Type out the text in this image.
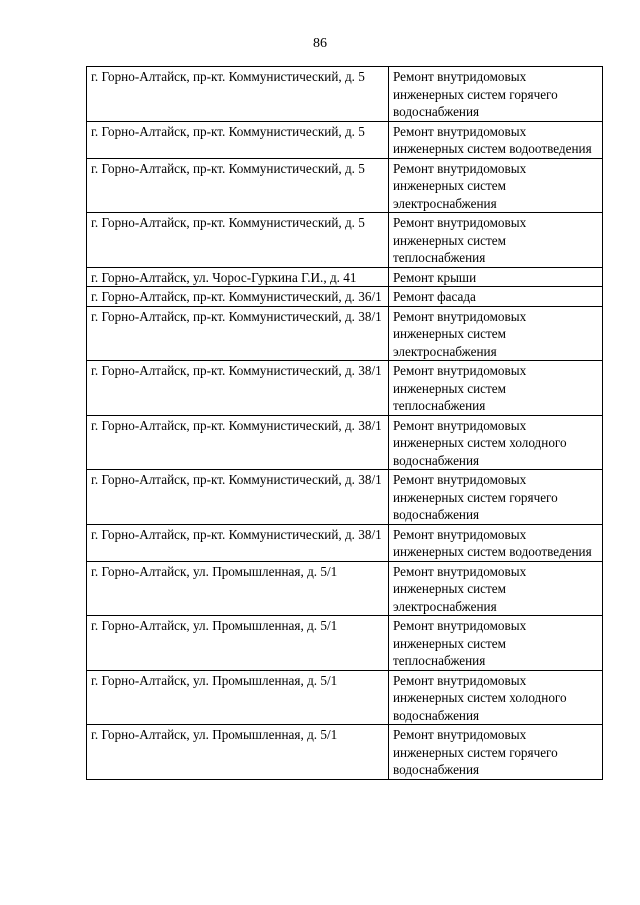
86
г. Горно-Алтайск, пр-кт. Коммунистический, д. 5	Ремонт внутридомовых инженерных систем горячего водоснабжения
г. Горно-Алтайск, пр-кт. Коммунистический, д. 5	Ремонт внутридомовых инженерных систем водоотведения
г. Горно-Алтайск, пр-кт. Коммунистический, д. 5	Ремонт внутридомовых инженерных систем электроснабжения
г. Горно-Алтайск, пр-кт. Коммунистический, д. 5	Ремонт внутридомовых инженерных систем теплоснабжения
г. Горно-Алтайск, ул. Чорос-Гуркина Г.И., д. 41	Ремонт крыши
г. Горно-Алтайск, пр-кт. Коммунистический, д. 36/1	Ремонт фасада
г. Горно-Алтайск, пр-кт. Коммунистический, д. 38/1	Ремонт внутридомовых инженерных систем электроснабжения
г. Горно-Алтайск, пр-кт. Коммунистический, д. 38/1	Ремонт внутридомовых инженерных систем теплоснабжения
г. Горно-Алтайск, пр-кт. Коммунистический, д. 38/1	Ремонт внутридомовых инженерных систем холодного водоснабжения
г. Горно-Алтайск, пр-кт. Коммунистический, д. 38/1	Ремонт внутридомовых инженерных систем горячего водоснабжения
г. Горно-Алтайск, пр-кт. Коммунистический, д. 38/1	Ремонт внутридомовых инженерных систем водоотведения
г. Горно-Алтайск, ул. Промышленная, д. 5/1	Ремонт внутридомовых инженерных систем электроснабжения
г. Горно-Алтайск, ул. Промышленная, д. 5/1	Ремонт внутридомовых инженерных систем теплоснабжения
г. Горно-Алтайск, ул. Промышленная, д. 5/1	Ремонт внутридомовых инженерных систем холодного водоснабжения
г. Горно-Алтайск, ул. Промышленная, д. 5/1	Ремонт внутридомовых инженерных систем горячего водоснабжения
